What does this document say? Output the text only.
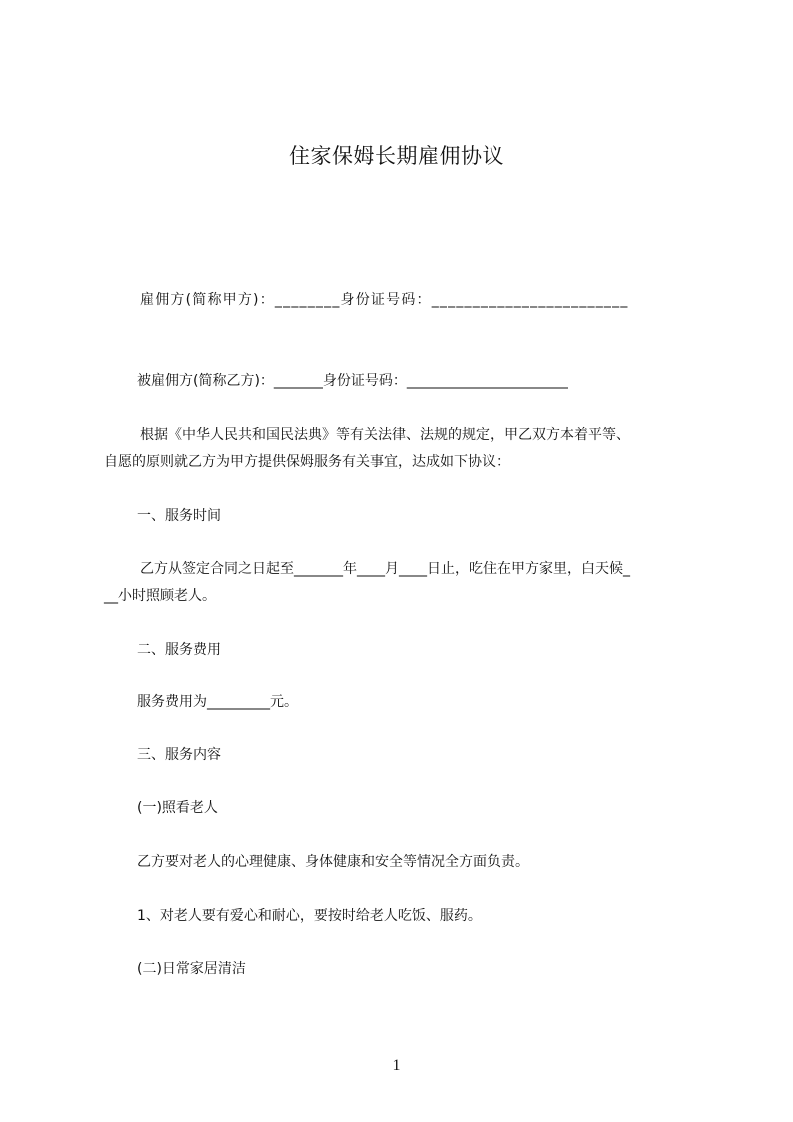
住家保姆长期雇佣协议
雇佣方(简称甲方)：________身份证号码：________________________
被雇佣方(简称乙方)：_______身份证号码：_______________________
根据《中华人民共和国民法典》等有关法律、法规的规定，甲乙双方本着平等、
自愿的原则就乙方为甲方提供保姆服务有关事宜，达成如下协议：
一、服务时间
乙方从签定合同之日起至_______年____月____日止，吃住在甲方家里，白天候_
__小时照顾老人。
二、服务费用
服务费用为_________元。
三、服务内容
(一)照看老人
乙方要对老人的心理健康、身体健康和安全等情况全方面负责。
1、对老人要有爱心和耐心，要按时给老人吃饭、服药。
(二)日常家居清洁
1
